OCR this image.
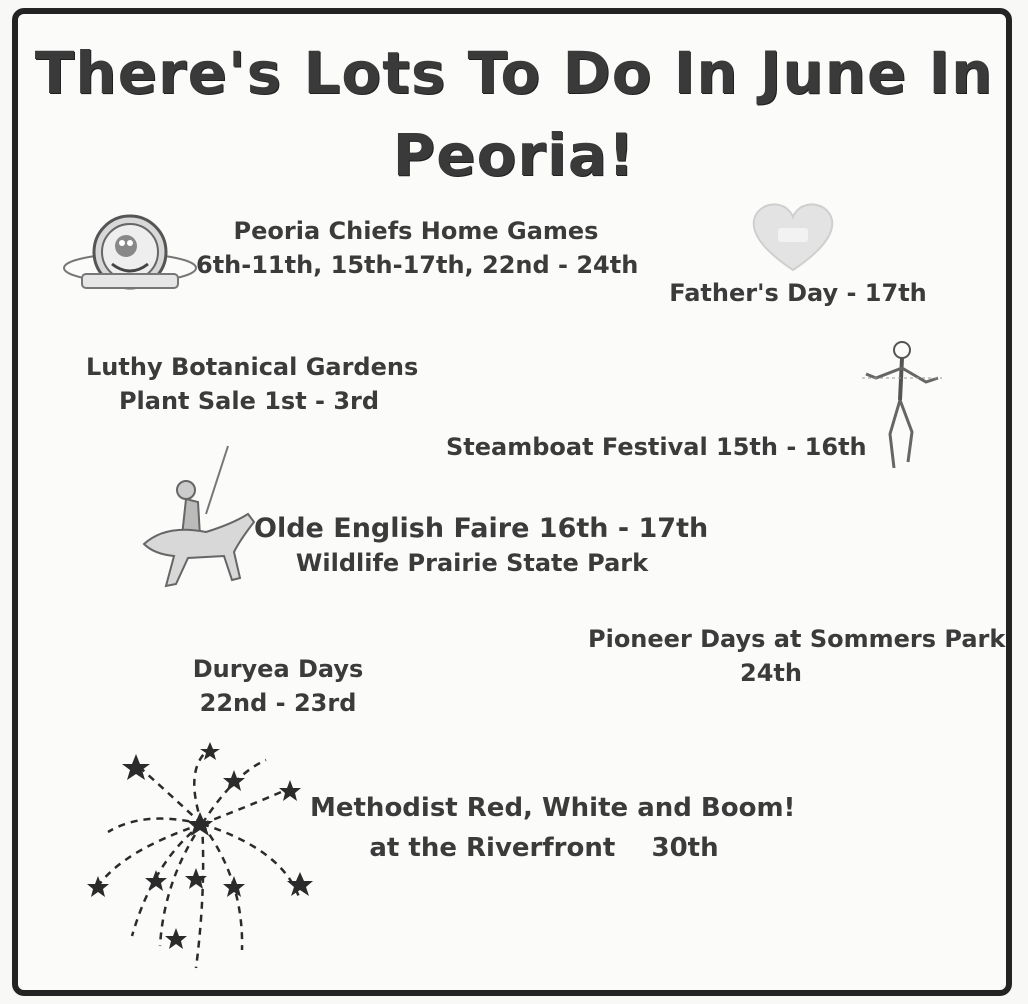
There's Lots To Do In June In
Peoria!
Peoria Chiefs Home Games
6th-11th, 15th-17th, 22nd - 24th
Father's Day - 17th
Luthy Botanical Gardens
Plant Sale 1st - 3rd
Steamboat Festival 15th - 16th
Olde English Faire 16th - 17th
Wildlife Prairie State Park
Pioneer Days at Sommers Park
24th
Duryea Days
22nd - 23rd
Methodist Red, White and Boom!
at the Riverfront    30th
